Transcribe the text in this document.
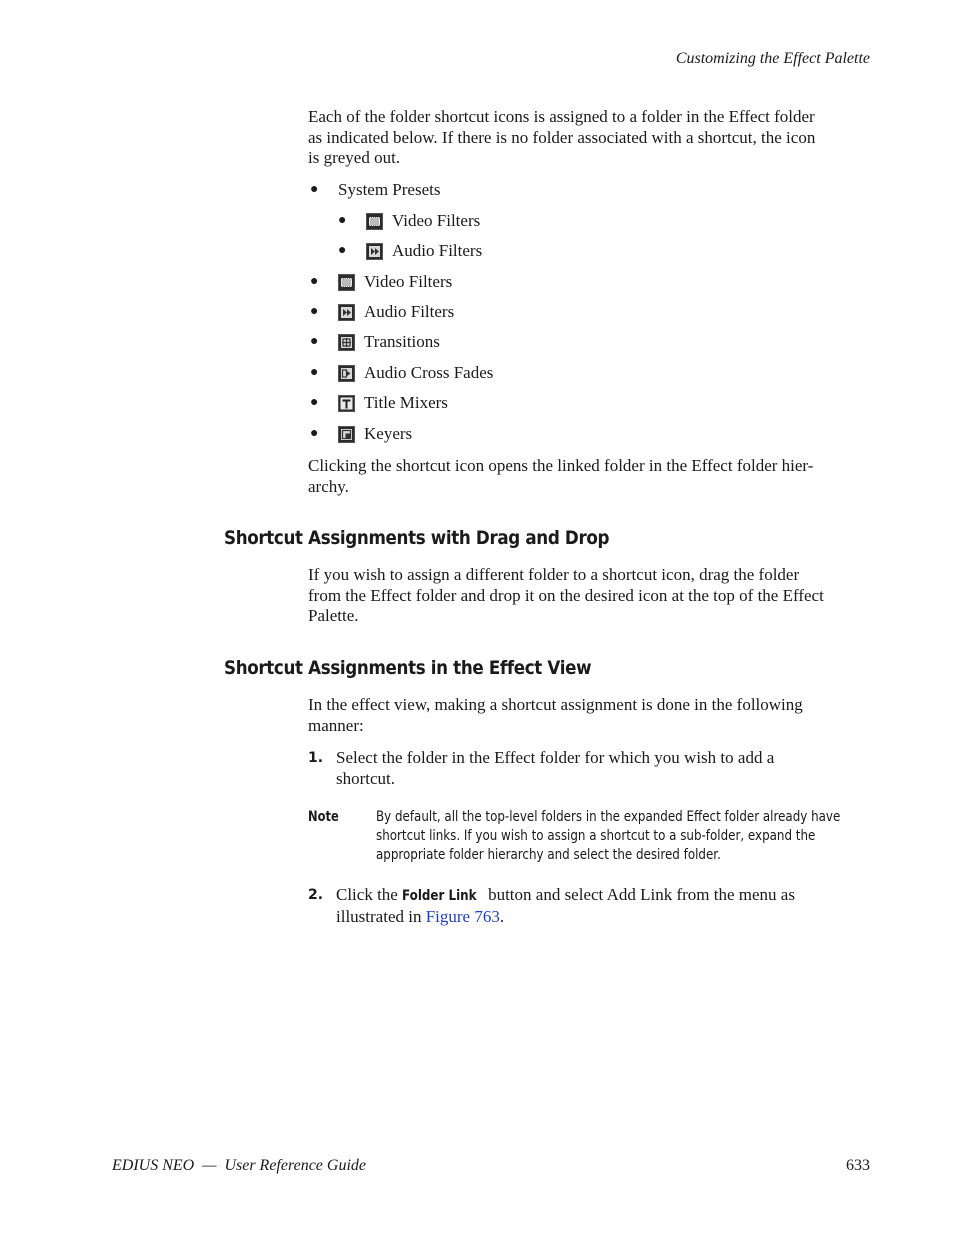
Customizing the Effect Palette
Each of the folder shortcut icons is assigned to a folder in the Effect folder
as indicated below. If there is no folder associated with a shortcut, the icon
is greyed out.
●	System Presets
●	Video Filters
●	Audio Filters
●	Video Filters
●	Audio Filters
●	Transitions
●	Audio Cross Fades
●	Title Mixers
●	Keyers
Clicking the shortcut icon opens the linked folder in the Effect folder hier-
archy.
Shortcut Assignments with Drag and Drop
If you wish to assign a different folder to a shortcut icon, drag the folder
from the Effect folder and drop it on the desired icon at the top of the Effect
Palette.
Shortcut Assignments in the Effect View
In the effect view, making a shortcut assignment is done in the following
manner:
1. Select the folder in the Effect folder for which you wish to add a
shortcut.
Note	By default, all the top-level folders in the expanded Effect folder already have
shortcut links. If you wish to assign a shortcut to a sub-folder, expand the
appropriate folder hierarchy and select the desired folder.
2. Click the Folder Link button and select Add Link from the menu as
illustrated in Figure 763.
EDIUS NEO  —  User Reference Guide	633
